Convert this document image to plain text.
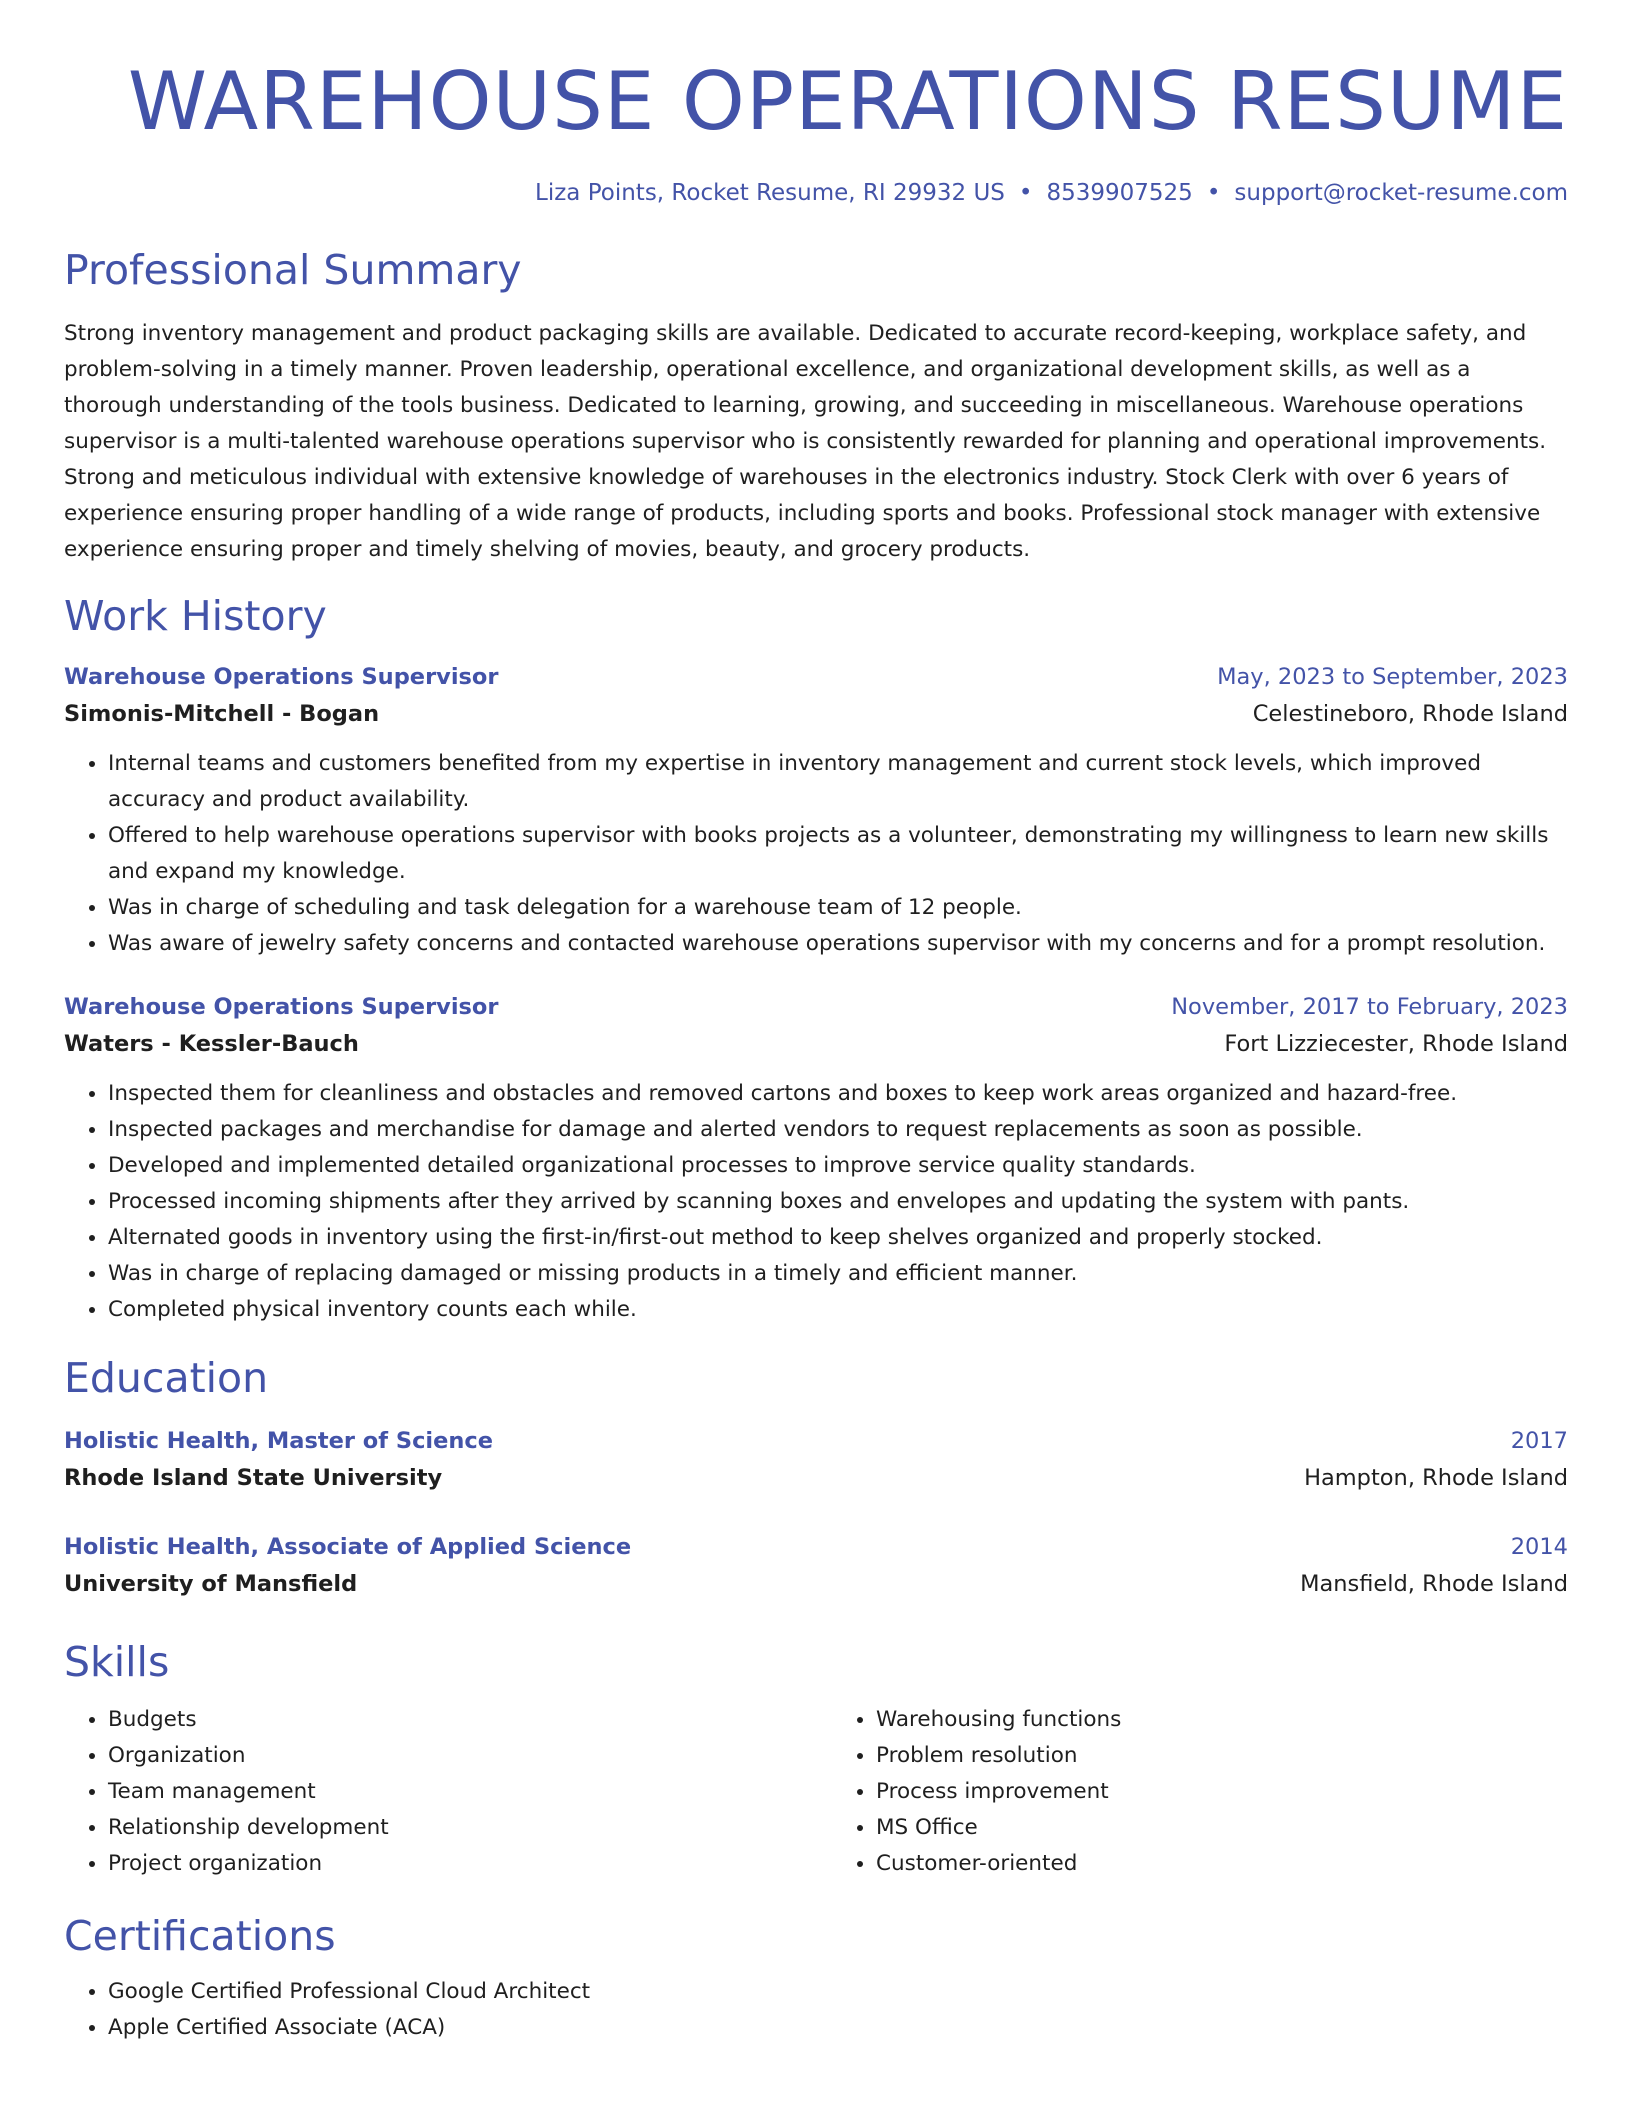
WAREHOUSE OPERATIONS RESUME
Liza Points, Rocket Resume, RI 29932 US • 8539907525 • support@rocket-resume.com
Professional Summary
Strong inventory management and product packaging skills are available. Dedicated to accurate record-keeping, workplace safety, and problem-solving in a timely manner. Proven leadership, operational excellence, and organizational development skills, as well as a thorough understanding of the tools business. Dedicated to learning, growing, and succeeding in miscellaneous. Warehouse operations supervisor is a multi-talented warehouse operations supervisor who is consistently rewarded for planning and operational improvements. Strong and meticulous individual with extensive knowledge of warehouses in the electronics industry. Stock Clerk with over 6 years of experience ensuring proper handling of a wide range of products, including sports and books. Professional stock manager with extensive experience ensuring proper and timely shelving of movies, beauty, and grocery products.
Work History
Warehouse Operations Supervisor	May, 2023 to September, 2023
Simonis-Mitchell - Bogan	Celestineboro, Rhode Island
• Internal teams and customers benefited from my expertise in inventory management and current stock levels, which improved accuracy and product availability.
• Offered to help warehouse operations supervisor with books projects as a volunteer, demonstrating my willingness to learn new skills and expand my knowledge.
• Was in charge of scheduling and task delegation for a warehouse team of 12 people.
• Was aware of jewelry safety concerns and contacted warehouse operations supervisor with my concerns and for a prompt resolution.
Warehouse Operations Supervisor	November, 2017 to February, 2023
Waters - Kessler-Bauch	Fort Lizziecester, Rhode Island
• Inspected them for cleanliness and obstacles and removed cartons and boxes to keep work areas organized and hazard-free.
• Inspected packages and merchandise for damage and alerted vendors to request replacements as soon as possible.
• Developed and implemented detailed organizational processes to improve service quality standards.
• Processed incoming shipments after they arrived by scanning boxes and envelopes and updating the system with pants.
• Alternated goods in inventory using the first-in/first-out method to keep shelves organized and properly stocked.
• Was in charge of replacing damaged or missing products in a timely and efficient manner.
• Completed physical inventory counts each while.
Education
Holistic Health, Master of Science	2017
Rhode Island State University	Hampton, Rhode Island
Holistic Health, Associate of Applied Science	2014
University of Mansfield	Mansfield, Rhode Island
Skills
• Budgets
• Organization
• Team management
• Relationship development
• Project organization
• Warehousing functions
• Problem resolution
• Process improvement
• MS Office
• Customer-oriented
Certifications
• Google Certified Professional Cloud Architect
• Apple Certified Associate (ACA)
